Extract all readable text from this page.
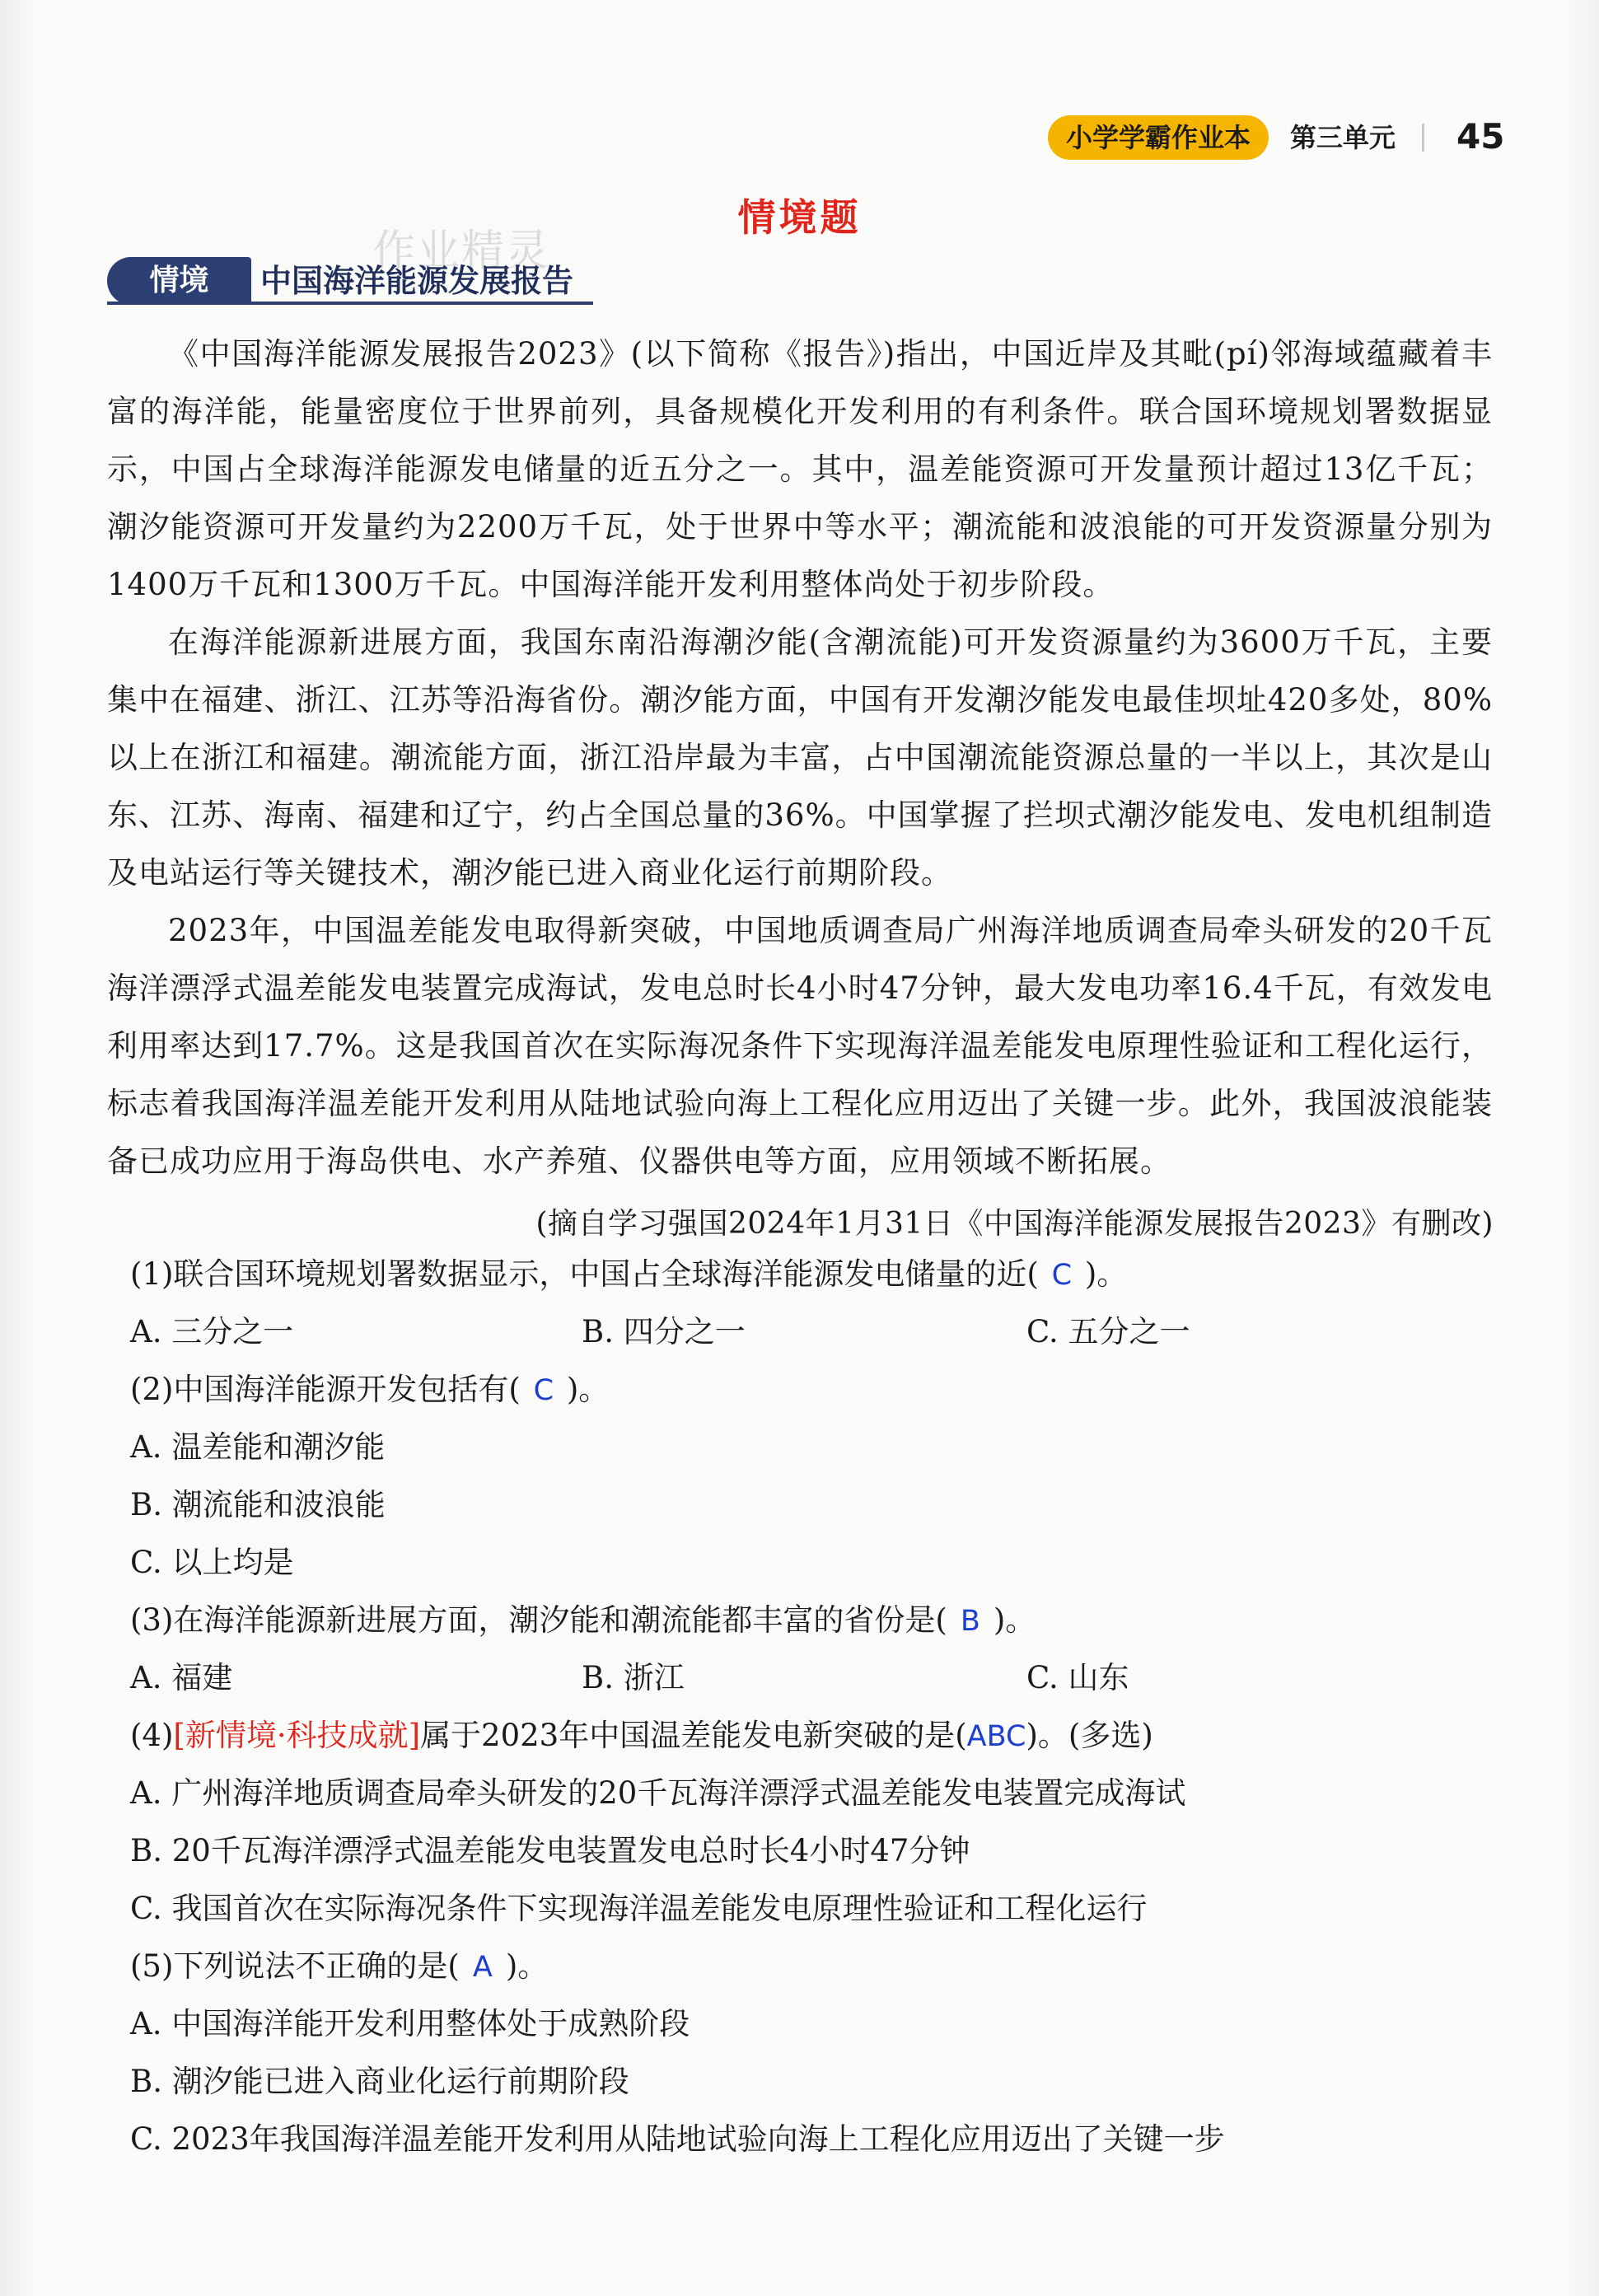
小学学霸作业本	第三单元 45
情境题
作业精灵
情境	中国海洋能源发展报告
《中国海洋能源发展报告2023》(以下简称《报告》)指出，中国近岸及其毗(pí)邻海域蕴藏着丰富的海洋能，能量密度位于世界前列，具备规模化开发利用的有利条件。联合国环境规划署数据显示，中国占全球海洋能源发电储量的近五分之一。其中，温差能资源可开发量预计超过13亿千瓦；潮汐能资源可开发量约为2200万千瓦，处于世界中等水平；潮流能和波浪能的可开发资源量分别为1400万千瓦和1300万千瓦。中国海洋能开发利用整体尚处于初步阶段。
在海洋能源新进展方面，我国东南沿海潮汐能(含潮流能)可开发资源量约为3600万千瓦，主要集中在福建、浙江、江苏等沿海省份。潮汐能方面，中国有开发潮汐能发电最佳坝址420多处，80%以上在浙江和福建。潮流能方面，浙江沿岸最为丰富，占中国潮流能资源总量的一半以上，其次是山东、江苏、海南、福建和辽宁，约占全国总量的36%。中国掌握了拦坝式潮汐能发电、发电机组制造及电站运行等关键技术，潮汐能已进入商业化运行前期阶段。
2023年，中国温差能发电取得新突破，中国地质调查局广州海洋地质调查局牵头研发的20千瓦海洋漂浮式温差能发电装置完成海试，发电总时长4小时47分钟，最大发电功率16.4千瓦，有效发电利用率达到17.7%。这是我国首次在实际海况条件下实现海洋温差能发电原理性验证和工程化运行，标志着我国海洋温差能开发利用从陆地试验向海上工程化应用迈出了关键一步。此外，我国波浪能装备已成功应用于海岛供电、水产养殖、仪器供电等方面，应用领域不断拓展。
(摘自学习强国2024年1月31日《中国海洋能源发展报告2023》有删改)
(1)联合国环境规划署数据显示，中国占全球海洋能源发电储量的近( C )。
A. 三分之一	B. 四分之一	C. 五分之一
(2)中国海洋能源开发包括有( C )。
A. 温差能和潮汐能
B. 潮流能和波浪能
C. 以上均是
(3)在海洋能源新进展方面，潮汐能和潮流能都丰富的省份是( B )。
A. 福建	B. 浙江	C. 山东
(4)[新情境·科技成就]属于2023年中国温差能发电新突破的是(ABC)。(多选)
A. 广州海洋地质调查局牵头研发的20千瓦海洋漂浮式温差能发电装置完成海试
B. 20千瓦海洋漂浮式温差能发电装置发电总时长4小时47分钟
C. 我国首次在实际海况条件下实现海洋温差能发电原理性验证和工程化运行
(5)下列说法不正确的是( A )。
A. 中国海洋能开发利用整体处于成熟阶段
B. 潮汐能已进入商业化运行前期阶段
C. 2023年我国海洋温差能开发利用从陆地试验向海上工程化应用迈出了关键一步
